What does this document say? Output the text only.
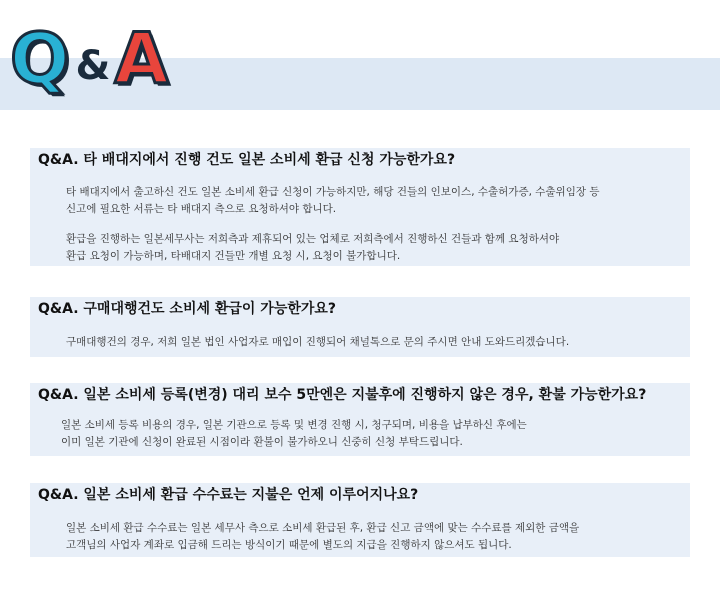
Q & A
Q&A. 타 배대지에서 진행 건도 일본 소비세 환급 신청 가능한가요?
타 배대지에서 출고하신 건도 일본 소비세 환급 신청이 가능하지만, 해당 건들의 인보이스, 수출허가증, 수출위임장 등
신고에 필요한 서류는 타 배대지 측으로 요청하셔야 합니다.
환급을 진행하는 일본세무사는 저희측과 제휴되어 있는 업체로 저희측에서 진행하신 건들과 함께 요청하셔야
환급 요청이 가능하며, 타배대지 건들만 개별 요청 시, 요청이 불가합니다.
Q&A. 구매대행건도 소비세 환급이 가능한가요?
구매대행건의 경우, 저희 일본 법인 사업자로 매입이 진행되어 채널톡으로 문의 주시면 안내 도와드리겠습니다.
Q&A. 일본 소비세 등록(변경) 대리 보수 5만엔은 지불후에 진행하지 않은 경우, 환불 가능한가요?
일본 소비세 등록 비용의 경우, 일본 기관으로 등록 및 변경 진행 시, 청구되며, 비용을 납부하신 후에는
이미 일본 기관에 신청이 완료된 시점이라 환불이 불가하오니 신중히 신청 부탁드립니다.
Q&A. 일본 소비세 환급 수수료는 지불은 언제 이루어지나요?
일본 소비세 환급 수수료는 일본 세무사 측으로 소비세 환급된 후, 환급 신고 금액에 맞는 수수료를 제외한 금액을
고객님의 사업자 계좌로 입금해 드리는 방식이기 때문에 별도의 지급을 진행하지 않으셔도 됩니다.
